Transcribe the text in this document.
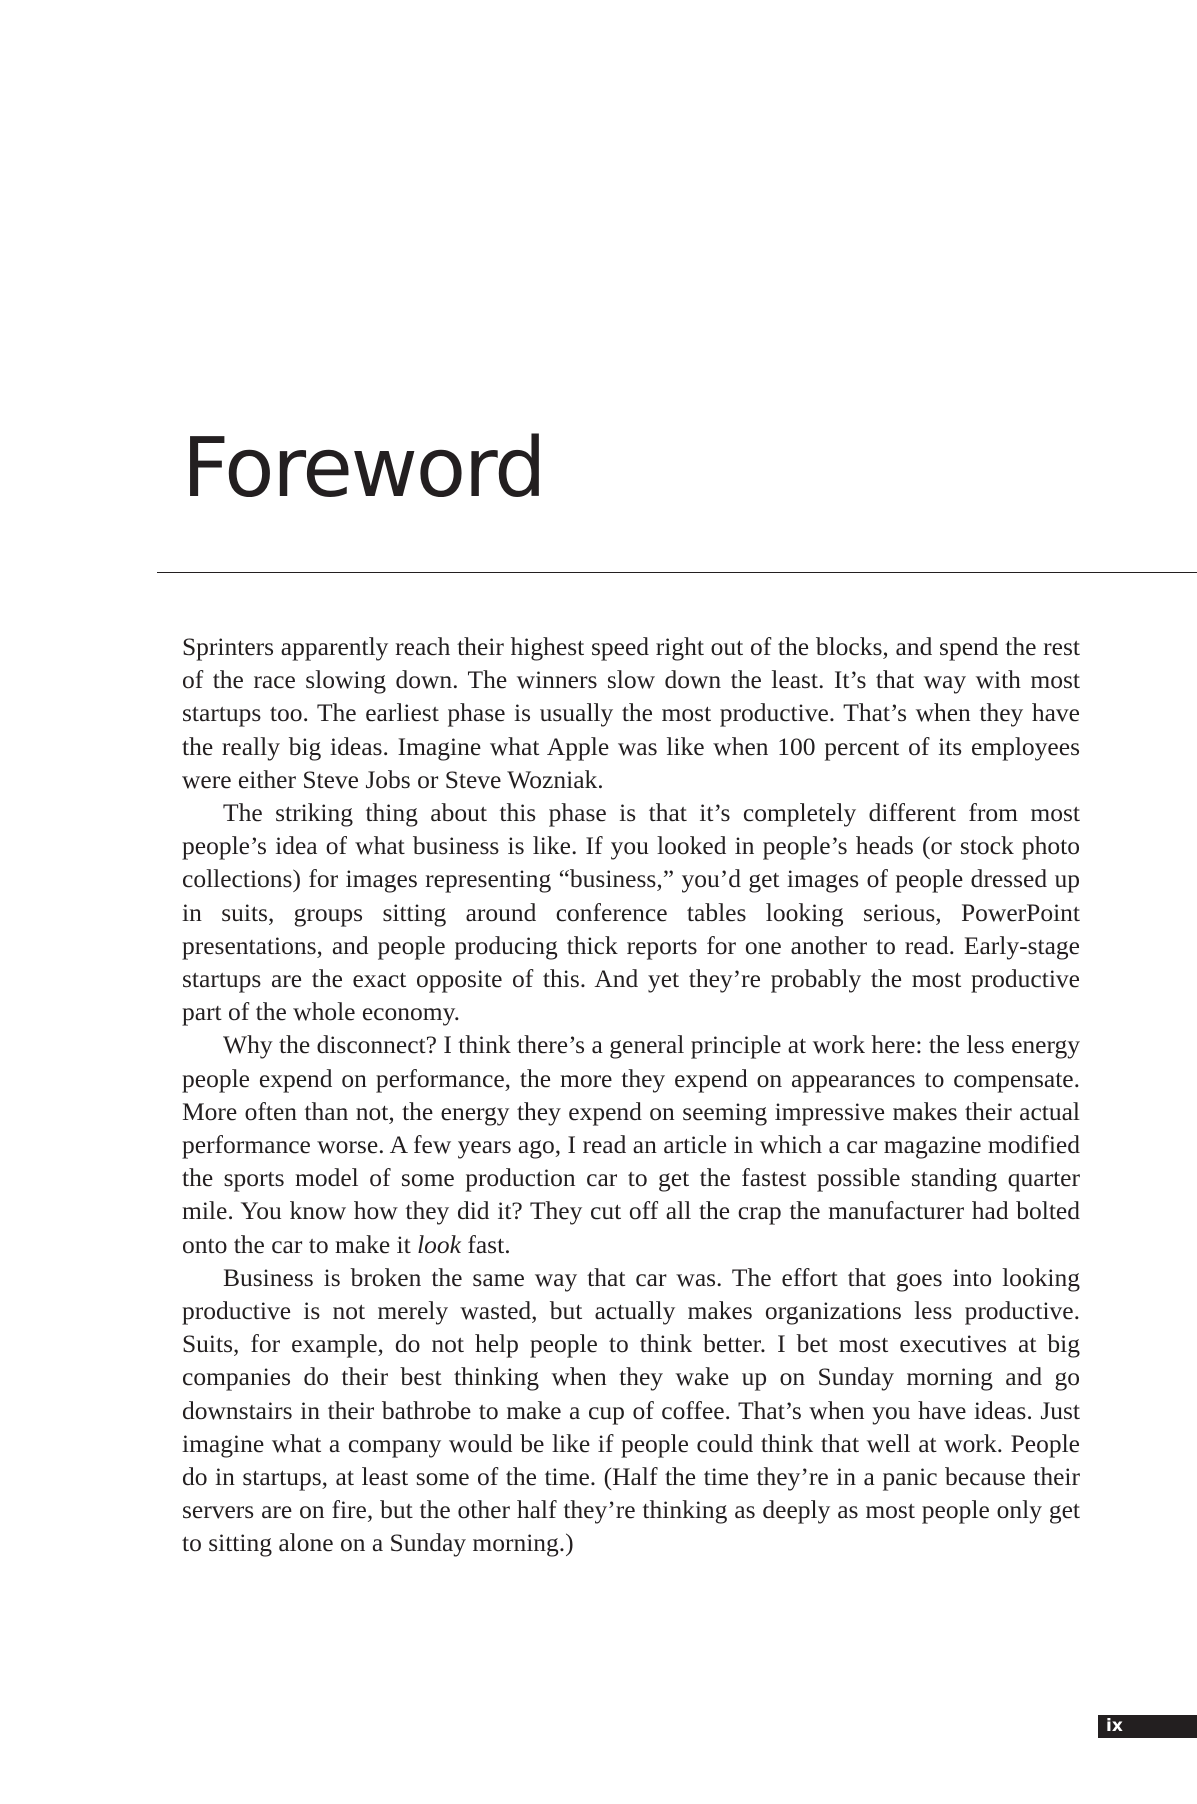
Foreword

Sprinters apparently reach their highest speed right out of the blocks, and spend the rest of the race slowing down. The winners slow down the least. It’s that way with most startups too. The earliest phase is usually the most productive. That’s when they have the really big ideas. Imagine what Apple was like when 100 percent of its employees were either Steve Jobs or Steve Wozniak.

The striking thing about this phase is that it’s completely different from most people’s idea of what business is like. If you looked in people’s heads (or stock photo collections) for images representing “business,” you’d get images of people dressed up in suits, groups sitting around conference tables looking serious, PowerPoint presentations, and people producing thick reports for one another to read. Early-stage startups are the exact opposite of this. And yet they’re probably the most productive part of the whole economy.

Why the disconnect? I think there’s a general principle at work here: the less energy people expend on performance, the more they expend on appearances to compensate. More often than not, the energy they expend on seeming impressive makes their actual performance worse. A few years ago, I read an article in which a car magazine modified the sports model of some production car to get the fastest possible standing quarter mile. You know how they did it? They cut off all the crap the manufacturer had bolted onto the car to make it look fast.

Business is broken the same way that car was. The effort that goes into looking productive is not merely wasted, but actually makes organizations less productive. Suits, for example, do not help people to think better. I bet most executives at big companies do their best thinking when they wake up on Sunday morning and go downstairs in their bathrobe to make a cup of coffee. That’s when you have ideas. Just imagine what a company would be like if people could think that well at work. People do in startups, at least some of the time. (Half the time they’re in a panic because their servers are on fire, but the other half they’re thinking as deeply as most people only get to sitting alone on a Sunday morning.)

ix
